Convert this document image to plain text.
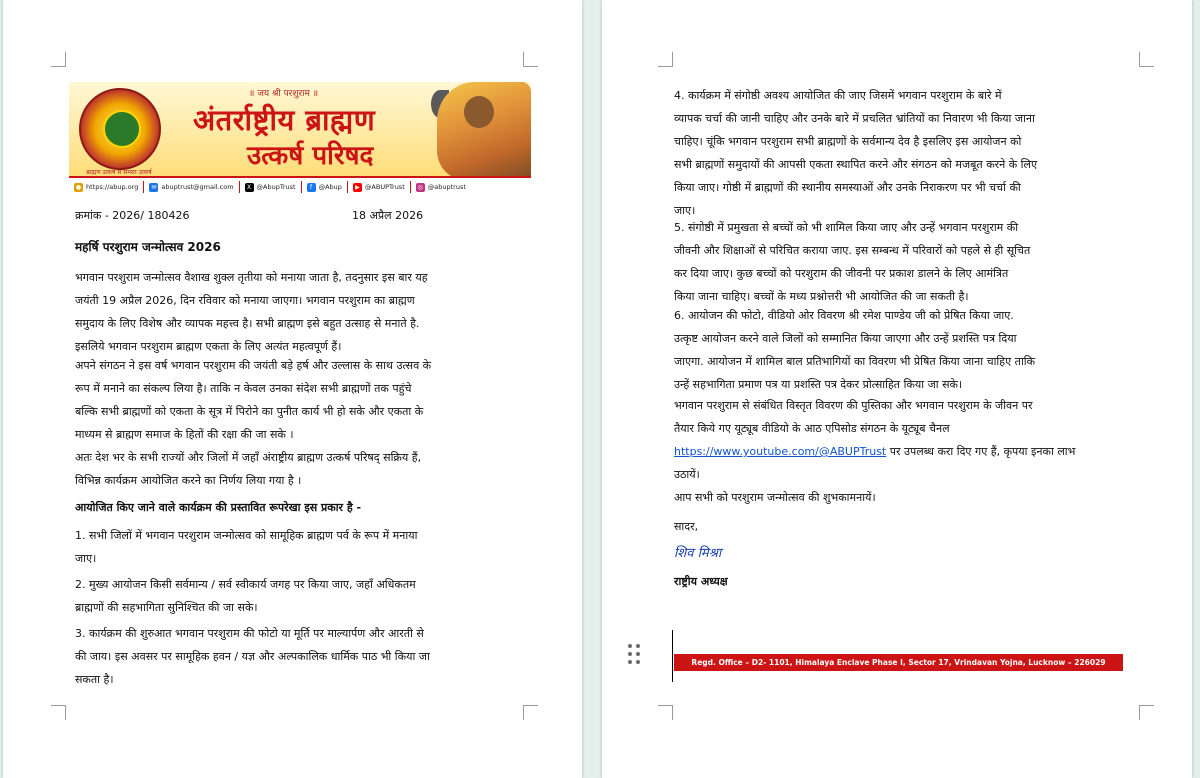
ब्राह्मण उत्कर्ष से समस्त उत्कर्ष
॥ जय श्री परशुराम ॥
अंतर्राष्ट्रीय ब्राह्मण
उत्कर्ष परिषद
● https://abup.org	✉ abuptrust@gmail.com	X @AbupTrust	f @Abup	▶ @ABUPTrust	◎ @abuptrust
क्रमांक - 2026/ 180426	18 अप्रैल 2026
महर्षि परशुराम जन्मोत्सव 2026
भगवान परशुराम जन्मोत्सव वैशाख शुक्ल तृतीया को मनाया जाता है, तदनुसार इस बार यह
जयंती 19 अप्रैल 2026, दिन रविवार को मनाया जाएगा। भगवान परशुराम का ब्राह्मण
समुदाय के लिए विशेष और व्यापक महत्त्व है। सभी ब्राह्मण इसे बहुत उत्साह से मनाते है.
इसलिये भगवान परशुराम ब्राह्मण एकता के लिए अत्यंत महत्वपूर्ण हैं।
अपने संगठन ने इस वर्ष भगवान परशुराम की जयंती बड़े हर्ष और उल्लास के साथ उत्सव के
रूप में मनाने का संकल्प लिया है। ताकि न केवल उनका संदेश सभी ब्राह्मणों तक पहुंचे
बल्कि सभी ब्राह्मणों को एकता के सूत्र में पिरोने का पुनीत कार्य भी हो सके और एकता के
माध्यम से ब्राह्मण समाज के हितों की रक्षा की जा सके ।
अतः देश भर के सभी राज्यों और जिलों में जहाँ अंराष्ट्रीय ब्राह्मण उत्कर्ष परिषद् सक्रिय हैं,
विभिन्न कार्यक्रम आयोजित करने का निर्णय लिया गया है ।
आयोजित किए जाने वाले कार्यक्रम की प्रस्तावित रूपरेखा इस प्रकार है -
1. सभी जिलों में भगवान परशुराम जन्मोत्सव को सामूहिक ब्राह्मण पर्व के रूप में मनाया
जाए।
2. मुख्य आयोजन किसी सर्वमान्य / सर्व स्वीकार्य जगह पर किया जाए, जहाँ अधिकतम
ब्राह्मणों की सहभागिता सुनिश्चित की जा सके।
3. कार्यक्रम की शुरुआत भगवान परशुराम की फोटो या मूर्ति पर माल्यार्पण और आरती से
की जाय। इस अवसर पर सामूहिक हवन / यज्ञ और अल्पकालिक धार्मिक पाठ भी किया जा
सकता है।
4. कार्यक्रम में संगोष्ठी अवश्य आयोजित की जाए जिसमें भगवान परशुराम के बारे में
व्यापक चर्चा की जानी चाहिए और उनके बारे में प्रचलित भ्रांतियों का निवारण भी किया जाना
चाहिए। चूंकि भगवान परशुराम सभी ब्राह्मणों के सर्वमान्य देव है इसलिए इस आयोजन को
सभी ब्राह्मणों समुदायों की आपसी एकता स्थापित करने और संगठन को मजबूत करने के लिए
किया जाए। गोष्ठी में ब्राह्मणों की स्थानीय समस्याओं और उनके निराकरण पर भी चर्चा की
जाए।
5. संगोष्ठी में प्रमुखता से बच्चों को भी शामिल किया जाए और उन्हें भगवान परशुराम की
जीवनी और शिक्षाओं से परिचित कराया जाए. इस सम्बन्ध में परिवारों को पहले से ही सूचित
कर दिया जाए। कुछ बच्चों को परशुराम की जीवनी पर प्रकाश डालने के लिए आमंत्रित
किया जाना चाहिए। बच्चों के मध्य प्रश्नोत्तरी भी आयोजित की जा सकती है।
6. आयोजन की फोटो, वीडियो ओर विवरण श्री रमेश पाण्डेय जी को प्रेषित किया जाए.
उत्कृष्ट आयोजन करने वाले जिलों को सम्मानित किया जाएगा और उन्हें प्रशस्ति पत्र दिया
जाएगा. आयोजन में शामिल बाल प्रतिभागियों का विवरण भी प्रेषित किया जाना चाहिए ताकि
उन्हें सहभागिता प्रमाण पत्र या प्रशस्ति पत्र देकर प्रोत्साहित किया जा सके।
भगवान परशुराम से संबंधित विस्तृत विवरण की पुस्तिका और भगवान परशुराम के जीवन पर
तैयार किये गए यूट्यूब वीडियो के आठ एपिसोड संगठन के यूट्यूब चैनल
https://www.youtube.com/@ABUPTrust पर उपलब्ध करा दिए गए हैं, कृपया इनका लाभ
उठायें।
आप सभी को परशुराम जन्मोत्सव की शुभकामनायें।
सादर,
शिव मिश्रा
राष्ट्रीय अध्यक्ष
Regd. Office – D2- 1101, Himalaya Enclave Phase I, Sector 17, Vrindavan Yojna, Lucknow – 226029
